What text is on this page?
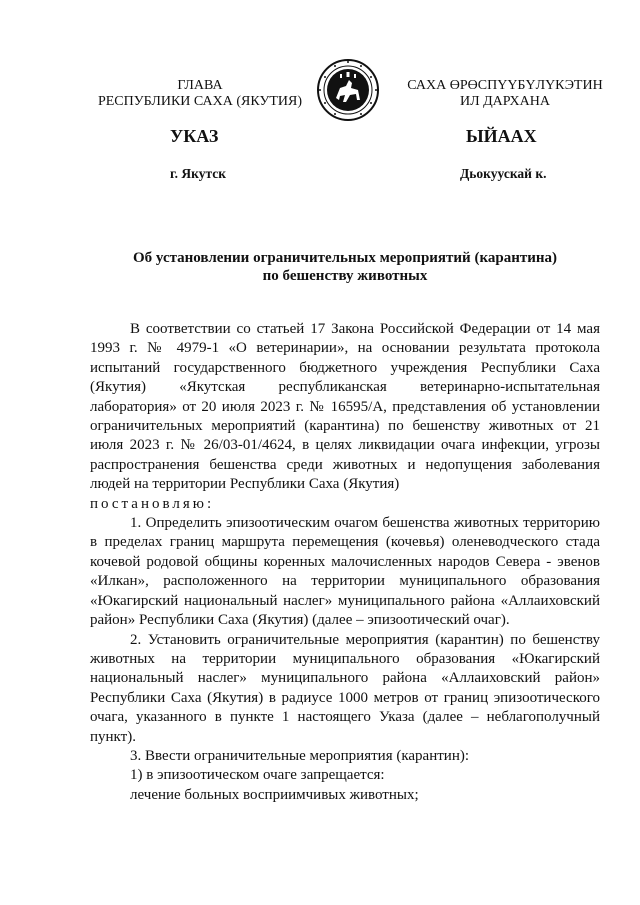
ГЛАВА
РЕСПУБЛИКИ САХА (ЯКУТИЯ)
САХА ӨРӨСПҮҮБҮЛҮКЭТИН
ИЛ ДАРХАНА
УКАЗ	ЫЙААХ
г. Якутск	Дьокуускай к.
Об установлении ограничительных мероприятий (карантина)
по бешенству животных

В соответствии со статьей 17 Закона Российской Федерации от 14 мая 1993 г. № 4979-1 «О ветеринарии», на основании результата протокола испытаний государственного бюджетного учреждения Республики Саха (Якутия) «Якутская республиканская ветеринарно-испытательная лаборатория» от 20 июля 2023 г. № 16595/А, представления об установлении ограничительных мероприятий (карантина) по бешенству животных от 21 июля 2023 г. № 26/03-01/4624, в целях ликвидации очага инфекции, угрозы распространения бешенства среди животных и недопущения заболевания людей на территории Республики Саха (Якутия)

постановляю:

1. Определить эпизоотическим очагом бешенства животных территорию в пределах границ маршрута перемещения (кочевья) оленеводческого стада кочевой родовой общины коренных малочисленных народов Севера - эвенов «Илкан», расположенного на территории муниципального образования «Юкагирский национальный наслег» муниципального района «Аллаиховский район» Республики Саха (Якутия) (далее – эпизоотический очаг).

2. Установить ограничительные мероприятия (карантин) по бешенству животных на территории муниципального образования «Юкагирский национальный наслег» муниципального района «Аллаиховский район» Республики Саха (Якутия) в радиусе 1000 метров от границ эпизоотического очага, указанного в пункте 1 настоящего Указа (далее – неблагополучный пункт).

3. Ввести ограничительные мероприятия (карантин):

1) в эпизоотическом очаге запрещается:

лечение больных восприимчивых животных;
